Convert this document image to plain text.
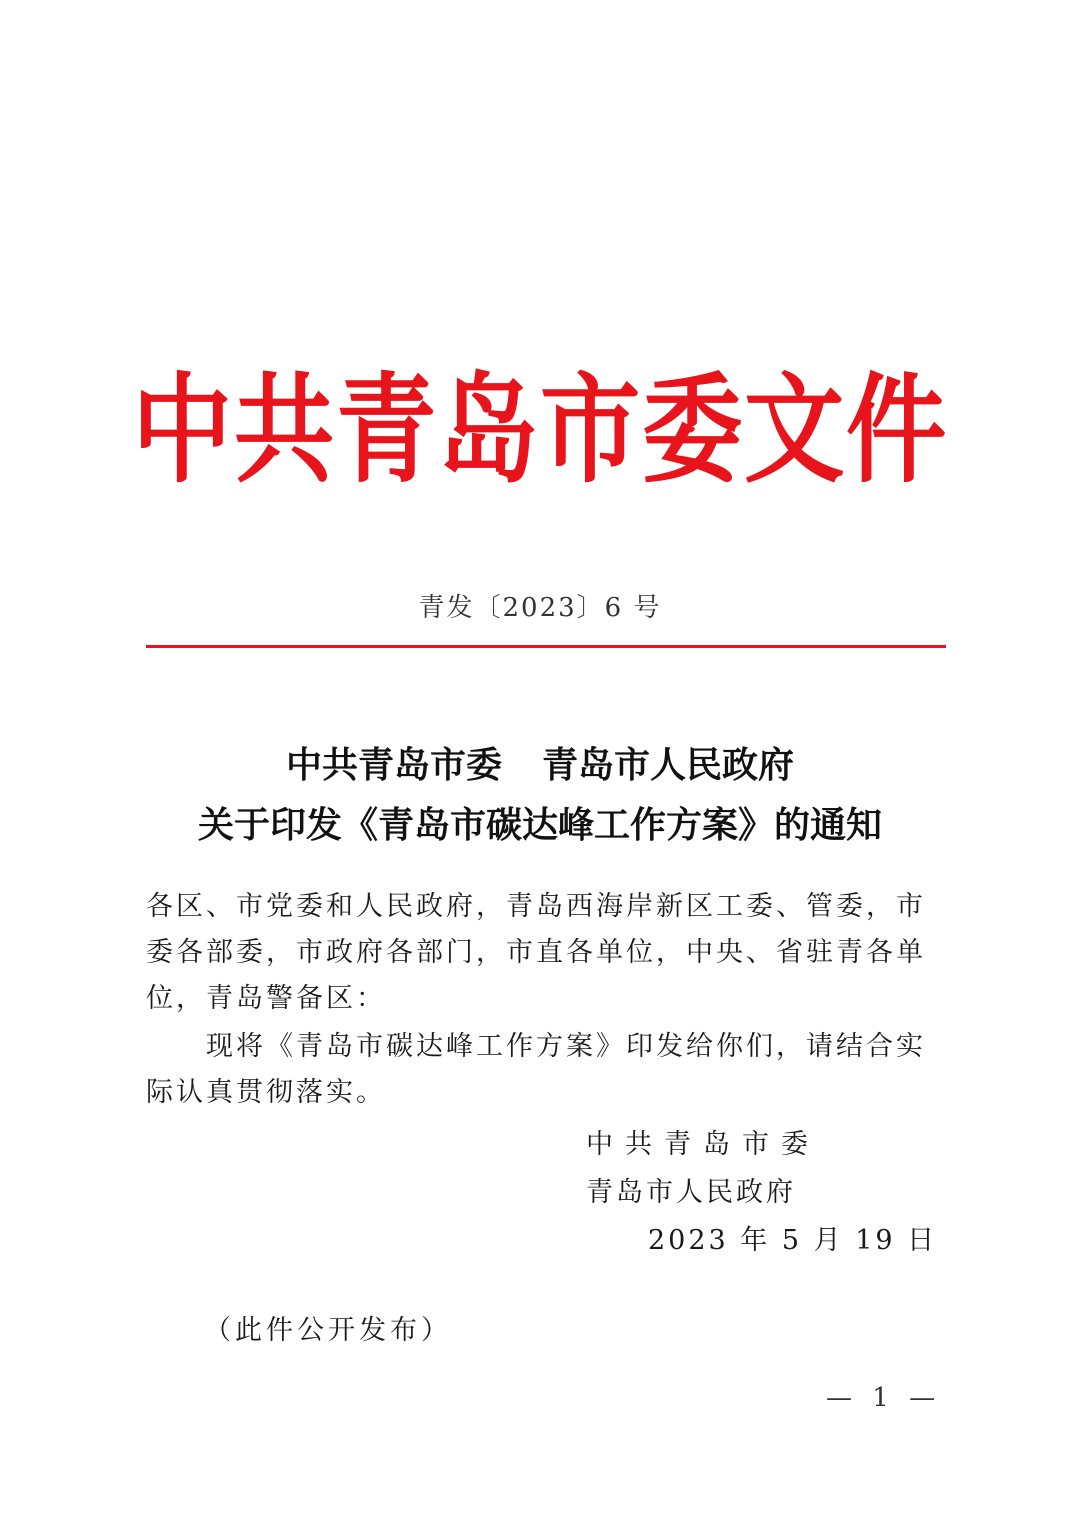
中共青岛市委文件
青发〔2023〕6 号
中共青岛市委 青岛市人民政府
关于印发《青岛市碳达峰工作方案》的通知
各区、市党委和人民政府，青岛西海岸新区工委、管委，市
委各部委，市政府各部门，市直各单位，中央、省驻青各单
位，青岛警备区：
　　现将《青岛市碳达峰工作方案》印发给你们，请结合实
际认真贯彻落实。
中共青岛市委
青岛市人民政府
2023 年 5 月 19 日
（此件公开发布）
— 1 —
